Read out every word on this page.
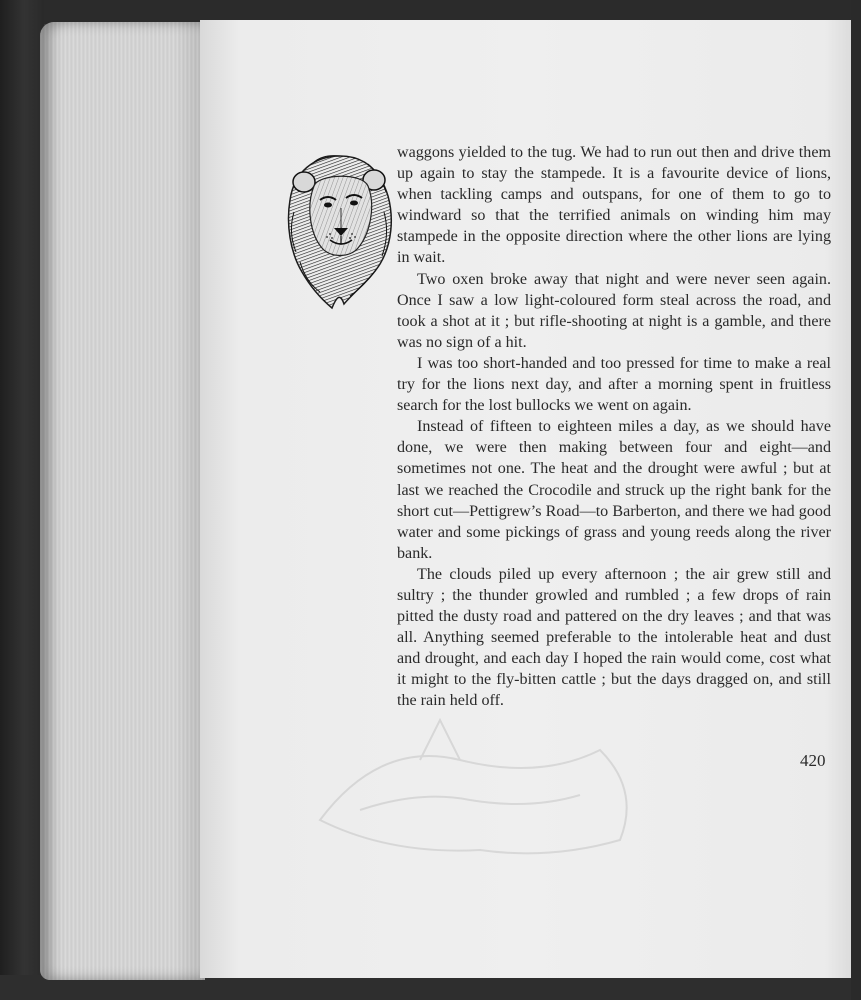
waggons yielded to the tug. We had to run out then and drive them up again to stay the stampede. It is a favourite device of lions, when tackling camps and outspans, for one of them to go to windward so that the terrified animals on winding him may stampede in the opposite direction where the other lions are lying in wait.

Two oxen broke away that night and were never seen again. Once I saw a low light-coloured form steal across the road, and took a shot at it ; but rifle-shooting at night is a gamble, and there was no sign of a hit.

I was too short-handed and too pressed for time to make a real try for the lions next day, and after a morning spent in fruitless search for the lost bullocks we went on again.

Instead of fifteen to eighteen miles a day, as we should have done, we were then making between four and eight—and sometimes not one. The heat and the drought were awful ; but at last we reached the Crocodile and struck up the right bank for the short cut—Pettigrew’s Road—to Barberton, and there we had good water and some pickings of grass and young reeds along the river bank.

The clouds piled up every afternoon ; the air grew still and sultry ; the thunder growled and rumbled ; a few drops of rain pitted the dusty road and pattered on the dry leaves ; and that was all. Anything seemed preferable to the intolerable heat and dust and drought, and each day I hoped the rain would come, cost what it might to the fly-bitten cattle ; but the days dragged on, and still the rain held off.

420
